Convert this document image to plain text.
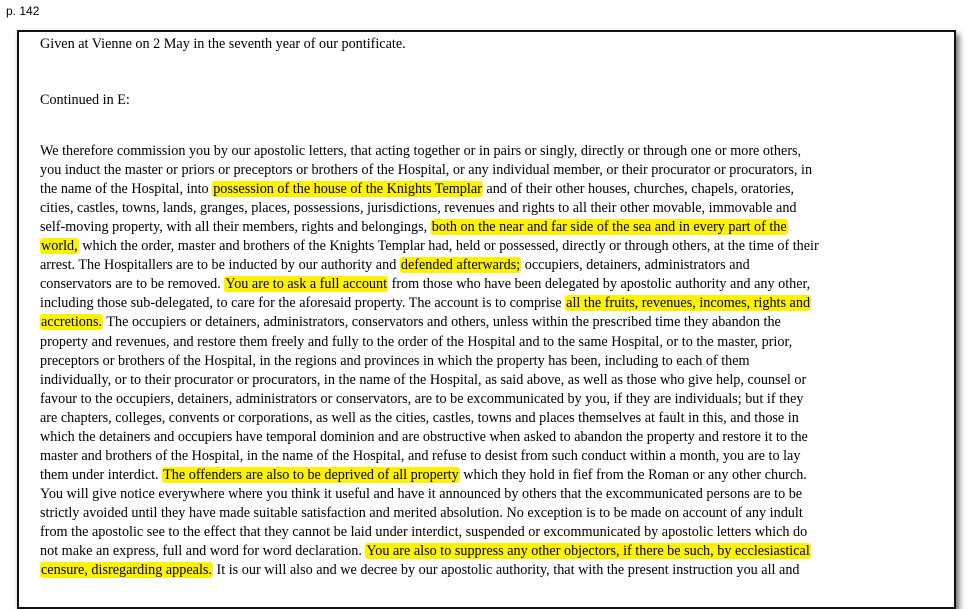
p. 142
Given at Vienne on 2 May in the seventh year of our pontificate.
Continued in E:
We therefore commission you by our apostolic letters, that acting together or in pairs or singly, directly or through one or more others,
you induct the master or priors or preceptors or brothers of the Hospital, or any individual member, or their procurator or procurators, in
the name of the Hospital, into possession of the house of the Knights Templar and of their other houses, churches, chapels, oratories,
cities, castles, towns, lands, granges, places, possessions, jurisdictions, revenues and rights to all their other movable, immovable and
self-moving property, with all their members, rights and belongings, both on the near and far side of the sea and in every part of the
world, which the order, master and brothers of the Knights Templar had, held or possessed, directly or through others, at the time of their
arrest. The Hospitallers are to be inducted by our authority and defended afterwards; occupiers, detainers, administrators and
conservators are to be removed. You are to ask a full account from those who have been delegated by apostolic authority and any other,
including those sub-delegated, to care for the aforesaid property. The account is to comprise all the fruits, revenues, incomes, rights and
accretions. The occupiers or detainers, administrators, conservators and others, unless within the prescribed time they abandon the
property and revenues, and restore them freely and fully to the order of the Hospital and to the same Hospital, or to the master, prior,
preceptors or brothers of the Hospital, in the regions and provinces in which the property has been, including to each of them
individually, or to their procurator or procurators, in the name of the Hospital, as said above, as well as those who give help, counsel or
favour to the occupiers, detainers, administrators or conservators, are to be excommunicated by you, if they are individuals; but if they
are chapters, colleges, convents or corporations, as well as the cities, castles, towns and places themselves at fault in this, and those in
which the detainers and occupiers have temporal dominion and are obstructive when asked to abandon the property and restore it to the
master and brothers of the Hospital, in the name of the Hospital, and refuse to desist from such conduct within a month, you are to lay
them under interdict. The offenders are also to be deprived of all property which they hold in fief from the Roman or any other church.
You will give notice everywhere where you think it useful and have it announced by others that the excommunicated persons are to be
strictly avoided until they have made suitable satisfaction and merited absolution. No exception is to be made on account of any indult
from the apostolic see to the effect that they cannot be laid under interdict, suspended or excommunicated by apostolic letters which do
not make an express, full and word for word declaration. You are also to suppress any other objectors, if there be such, by ecclesiastical
censure, disregarding appeals. It is our will also and we decree by our apostolic authority, that with the present instruction you all and
